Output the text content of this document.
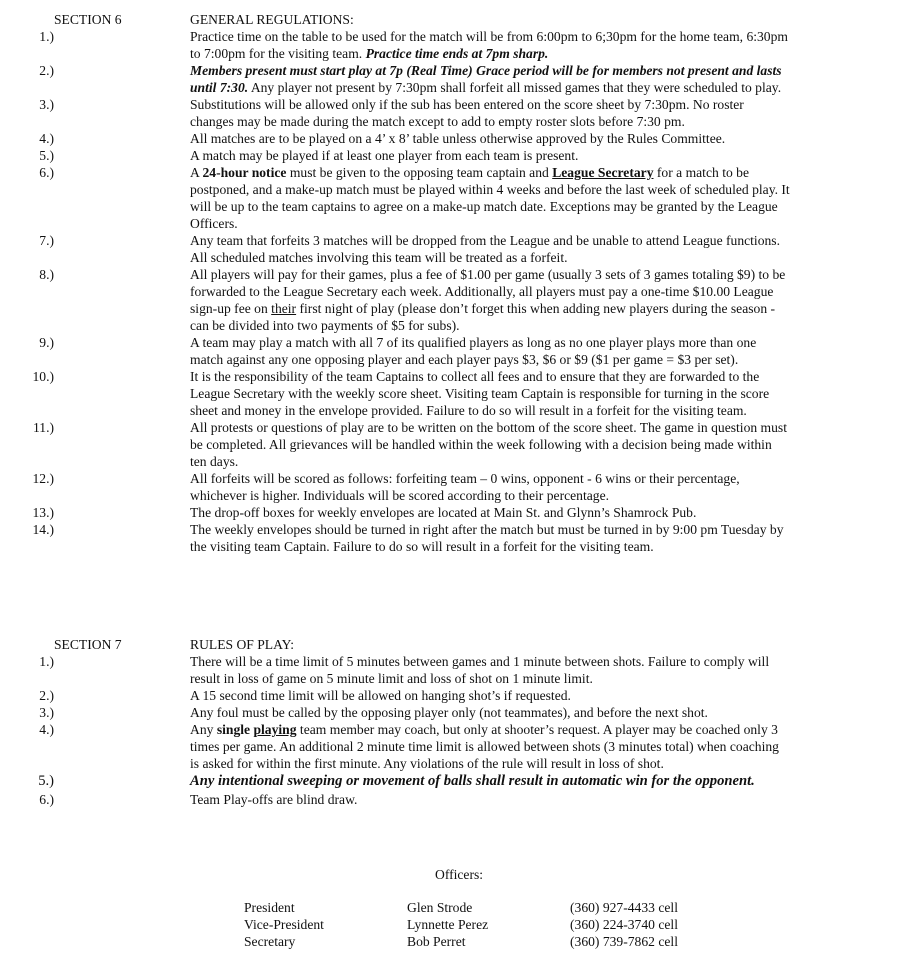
SECTION 6	GENERAL REGULATIONS:
1.)	Practice time on the table to be used for the match will be from 6:00pm to 6;30pm for the home team, 6:30pm to 7:00pm for the visiting team. Practice time ends at 7pm sharp.
2.)	Members present must start play at 7p (Real Time) Grace period will be for members not present and lasts until 7:30. Any player not present by 7:30pm shall forfeit all missed games that they were scheduled to play.
3.)	Substitutions will be allowed only if the sub has been entered on the score sheet by 7:30pm. No roster changes may be made during the match except to add to empty roster slots before 7:30 pm.
4.)	All matches are to be played on a 4’ x 8’ table unless otherwise approved by the Rules Committee.
5.)	A match may be played if at least one player from each team is present.
6.)	A 24-hour notice must be given to the opposing team captain and League Secretary for a match to be postponed, and a make-up match must be played within 4 weeks and before the last week of scheduled play. It will be up to the team captains to agree on a make-up match date. Exceptions may be granted by the League Officers.
7.)	Any team that forfeits 3 matches will be dropped from the League and be unable to attend League functions. All scheduled matches involving this team will be treated as a forfeit.
8.)	All players will pay for their games, plus a fee of $1.00 per game (usually 3 sets of 3 games totaling $9) to be forwarded to the League Secretary each week. Additionally, all players must pay a one-time $10.00 League sign-up fee on their first night of play (please don’t forget this when adding new players during the season - can be divided into two payments of $5 for subs).
9.)	A team may play a match with all 7 of its qualified players as long as no one player plays more than one match against any one opposing player and each player pays $3, $6 or $9 ($1 per game = $3 per set).
10.)	It is the responsibility of the team Captains to collect all fees and to ensure that they are forwarded to the League Secretary with the weekly score sheet. Visiting team Captain is responsible for turning in the score sheet and money in the envelope provided. Failure to do so will result in a forfeit for the visiting team.
11.)	All protests or questions of play are to be written on the bottom of the score sheet. The game in question must be completed. All grievances will be handled within the week following with a decision being made within ten days.
12.)	All forfeits will be scored as follows: forfeiting team – 0 wins, opponent - 6 wins or their percentage, whichever is higher. Individuals will be scored according to their percentage.
13.)	The drop-off boxes for weekly envelopes are located at Main St. and Glynn’s Shamrock Pub.
14.)	The weekly envelopes should be turned in right after the match but must be turned in by 9:00 pm Tuesday by the visiting team Captain. Failure to do so will result in a forfeit for the visiting team.
SECTION 7	RULES OF PLAY:
1.)	There will be a time limit of 5 minutes between games and 1 minute between shots. Failure to comply will result in loss of game on 5 minute limit and loss of shot on 1 minute limit.
2.)	A 15 second time limit will be allowed on hanging shot’s if requested.
3.)	Any foul must be called by the opposing player only (not teammates), and before the next shot.
4.)	Any single playing team member may coach, but only at shooter’s request. A player may be coached only 3 times per game. An additional 2 minute time limit is allowed between shots (3 minutes total) when coaching is asked for within the first minute. Any violations of the rule will result in loss of shot.
5.)	Any intentional sweeping or movement of balls shall result in automatic win for the opponent.
6.)	Team Play-offs are blind draw.
Officers:
President	Glen Strode	(360) 927-4433 cell
Vice-President	Lynnette Perez	(360) 224-3740 cell
Secretary	Bob Perret	(360) 739-7862 cell
